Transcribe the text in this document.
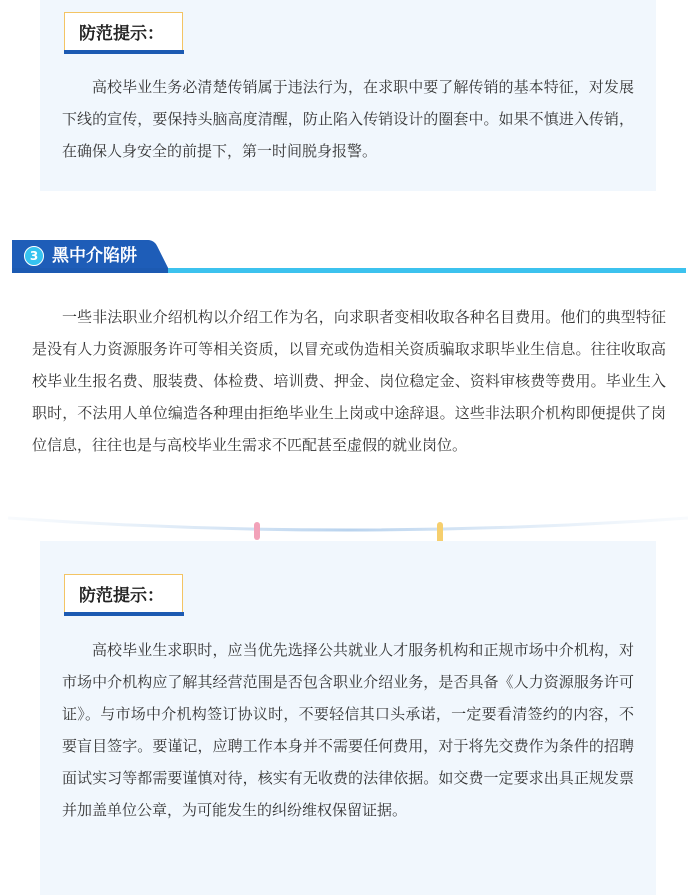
防范提示：

高校毕业生务必清楚传销属于违法行为，在求职中要了解传销的基本特征，对发展下线的宣传，要保持头脑高度清醒，防止陷入传销设计的圈套中。如果不慎进入传销，在确保人身安全的前提下，第一时间脱身报警。

3 黑中介陷阱

一些非法职业介绍机构以介绍工作为名，向求职者变相收取各种名目费用。他们的典型特征是没有人力资源服务许可等相关资质，以冒充或伪造相关资质骗取求职毕业生信息。往往收取高校毕业生报名费、服装费、体检费、培训费、押金、岗位稳定金、资料审核费等费用。毕业生入职时，不法用人单位编造各种理由拒绝毕业生上岗或中途辞退。这些非法职介机构即便提供了岗位信息，往往也是与高校毕业生需求不匹配甚至虚假的就业岗位。

防范提示：

高校毕业生求职时，应当优先选择公共就业人才服务机构和正规市场中介机构，对市场中介机构应了解其经营范围是否包含职业介绍业务，是否具备《人力资源服务许可证》。与市场中介机构签订协议时，不要轻信其口头承诺，一定要看清签约的内容，不要盲目签字。要谨记，应聘工作本身并不需要任何费用，对于将先交费作为条件的招聘面试实习等都需要谨慎对待，核实有无收费的法律依据。如交费一定要求出具正规发票并加盖单位公章，为可能发生的纠纷维权保留证据。
